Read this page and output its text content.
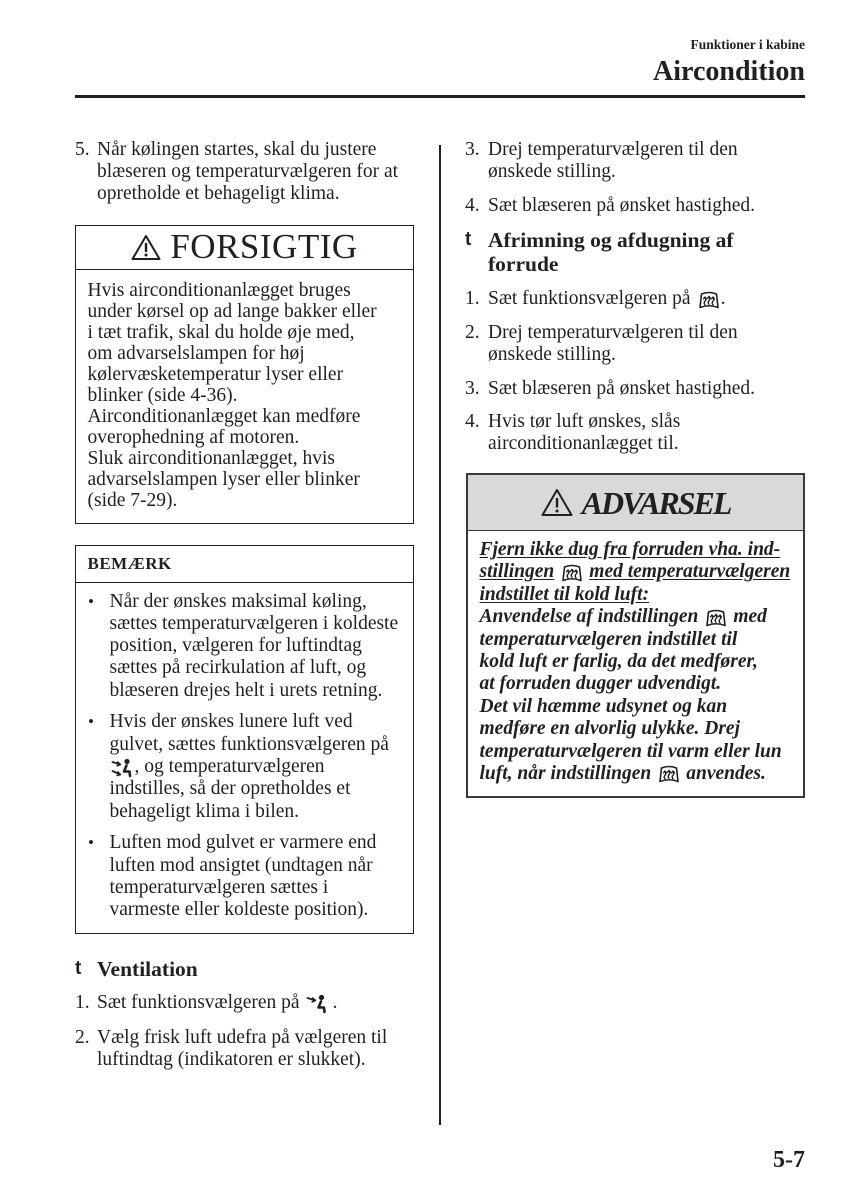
Funktioner i kabine
Aircondition
5. Når kølingen startes, skal du justere
blæseren og temperaturvælgeren for at
opretholde et behageligt klima.
FORSIGTIG
Hvis airconditionanlægget bruges
under kørsel op ad lange bakker eller
i tæt trafik, skal du holde øje med,
om advarselslampen for høj
kølervæsketemperatur lyser eller
blinker (side 4-36).
Airconditionanlægget kan medføre
overophedning af motoren.
Sluk airconditionanlægget, hvis
advarselslampen lyser eller blinker
(side 7-29).
BEMÆRK
• Når der ønskes maksimal køling,
sættes temperaturvælgeren i koldeste
position, vælgeren for luftindtag
sættes på recirkulation af luft, og
blæseren drejes helt i urets retning.
• Hvis der ønskes lunere luft ved
gulvet, sættes funktionsvælgeren på
, og temperaturvælgeren
indstilles, så der opretholdes et
behageligt klima i bilen.
• Luften mod gulvet er varmere end
luften mod ansigtet (undtagen når
temperaturvælgeren sættes i
varmeste eller koldeste position).
t Ventilation
1. Sæt funktionsvælgeren på .
2. Vælg frisk luft udefra på vælgeren til
luftindtag (indikatoren er slukket).
3. Drej temperaturvælgeren til den
ønskede stilling.
4. Sæt blæseren på ønsket hastighed.
t Afrimning og afdugning af
forrude
1. Sæt funktionsvælgeren på .
2. Drej temperaturvælgeren til den
ønskede stilling.
3. Sæt blæseren på ønsket hastighed.
4. Hvis tør luft ønskes, slås
airconditionanlægget til.
ADVARSEL
Fjern ikke dug fra forruden vha. ind-
stillingen med temperaturvælgeren
indstillet til kold luft:
Anvendelse af indstillingen med
temperaturvælgeren indstillet til
kold luft er farlig, da det medfører,
at forruden dugger udvendigt.
Det vil hæmme udsynet og kan
medføre en alvorlig ulykke. Drej
temperaturvælgeren til varm eller lun
luft, når indstillingen anvendes.
5-7
